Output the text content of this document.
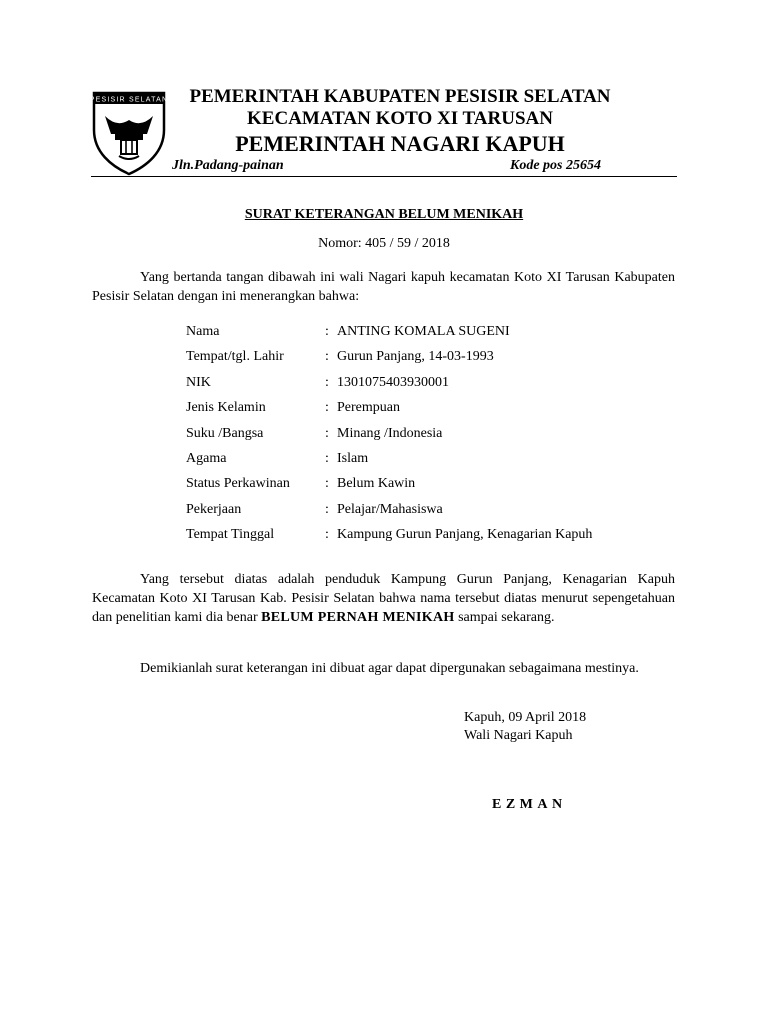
PESISIR SELATAN	PEMERINTAH KABUPATEN PESISIR SELATAN
KECAMATAN KOTO XI TARUSAN
PEMERINTAH NAGARI KAPUH
Jln.Padang-painan	Kode pos 25654
SURAT KETERANGAN BELUM MENIKAH
Nomor: 405 / 59 / 2018
Yang bertanda tangan dibawah ini wali Nagari kapuh kecamatan Koto XI Tarusan Kabupaten Pesisir Selatan dengan ini menerangkan bahwa:
Nama	: ANTING KOMALA SUGENI
Tempat/tgl. Lahir	: Gurun Panjang, 14-03-1993
NIK	: 1301075403930001
Jenis Kelamin	: Perempuan
Suku /Bangsa	: Minang /Indonesia
Agama	: Islam
Status Perkawinan	: Belum Kawin
Pekerjaan	: Pelajar/Mahasiswa
Tempat Tinggal	: Kampung Gurun Panjang, Kenagarian Kapuh
Yang tersebut diatas adalah penduduk Kampung Gurun Panjang, Kenagarian Kapuh Kecamatan Koto XI Tarusan Kab. Pesisir Selatan bahwa nama tersebut diatas menurut sepengetahuan dan penelitian kami dia benar BELUM PERNAH MENIKAH sampai sekarang.
Demikianlah surat keterangan ini dibuat agar dapat dipergunakan sebagaimana mestinya.
Kapuh, 09 April 2018
Wali Nagari Kapuh
EZMAN
